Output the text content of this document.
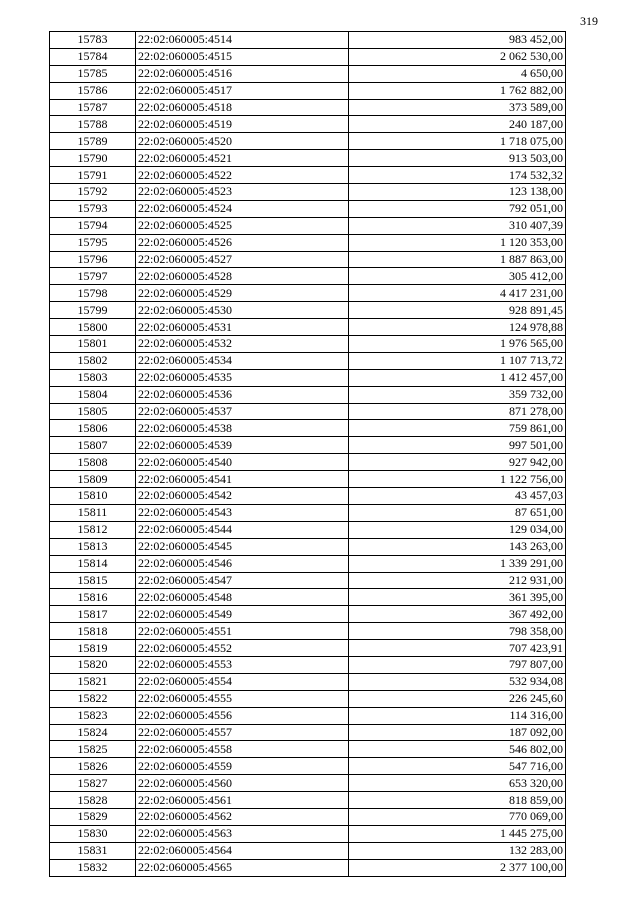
319
15783	22:02:060005:4514	983 452,00
15784	22:02:060005:4515	2 062 530,00
15785	22:02:060005:4516	4 650,00
15786	22:02:060005:4517	1 762 882,00
15787	22:02:060005:4518	373 589,00
15788	22:02:060005:4519	240 187,00
15789	22:02:060005:4520	1 718 075,00
15790	22:02:060005:4521	913 503,00
15791	22:02:060005:4522	174 532,32
15792	22:02:060005:4523	123 138,00
15793	22:02:060005:4524	792 051,00
15794	22:02:060005:4525	310 407,39
15795	22:02:060005:4526	1 120 353,00
15796	22:02:060005:4527	1 887 863,00
15797	22:02:060005:4528	305 412,00
15798	22:02:060005:4529	4 417 231,00
15799	22:02:060005:4530	928 891,45
15800	22:02:060005:4531	124 978,88
15801	22:02:060005:4532	1 976 565,00
15802	22:02:060005:4534	1 107 713,72
15803	22:02:060005:4535	1 412 457,00
15804	22:02:060005:4536	359 732,00
15805	22:02:060005:4537	871 278,00
15806	22:02:060005:4538	759 861,00
15807	22:02:060005:4539	997 501,00
15808	22:02:060005:4540	927 942,00
15809	22:02:060005:4541	1 122 756,00
15810	22:02:060005:4542	43 457,03
15811	22:02:060005:4543	87 651,00
15812	22:02:060005:4544	129 034,00
15813	22:02:060005:4545	143 263,00
15814	22:02:060005:4546	1 339 291,00
15815	22:02:060005:4547	212 931,00
15816	22:02:060005:4548	361 395,00
15817	22:02:060005:4549	367 492,00
15818	22:02:060005:4551	798 358,00
15819	22:02:060005:4552	707 423,91
15820	22:02:060005:4553	797 807,00
15821	22:02:060005:4554	532 934,08
15822	22:02:060005:4555	226 245,60
15823	22:02:060005:4556	114 316,00
15824	22:02:060005:4557	187 092,00
15825	22:02:060005:4558	546 802,00
15826	22:02:060005:4559	547 716,00
15827	22:02:060005:4560	653 320,00
15828	22:02:060005:4561	818 859,00
15829	22:02:060005:4562	770 069,00
15830	22:02:060005:4563	1 445 275,00
15831	22:02:060005:4564	132 283,00
15832	22:02:060005:4565	2 377 100,00
